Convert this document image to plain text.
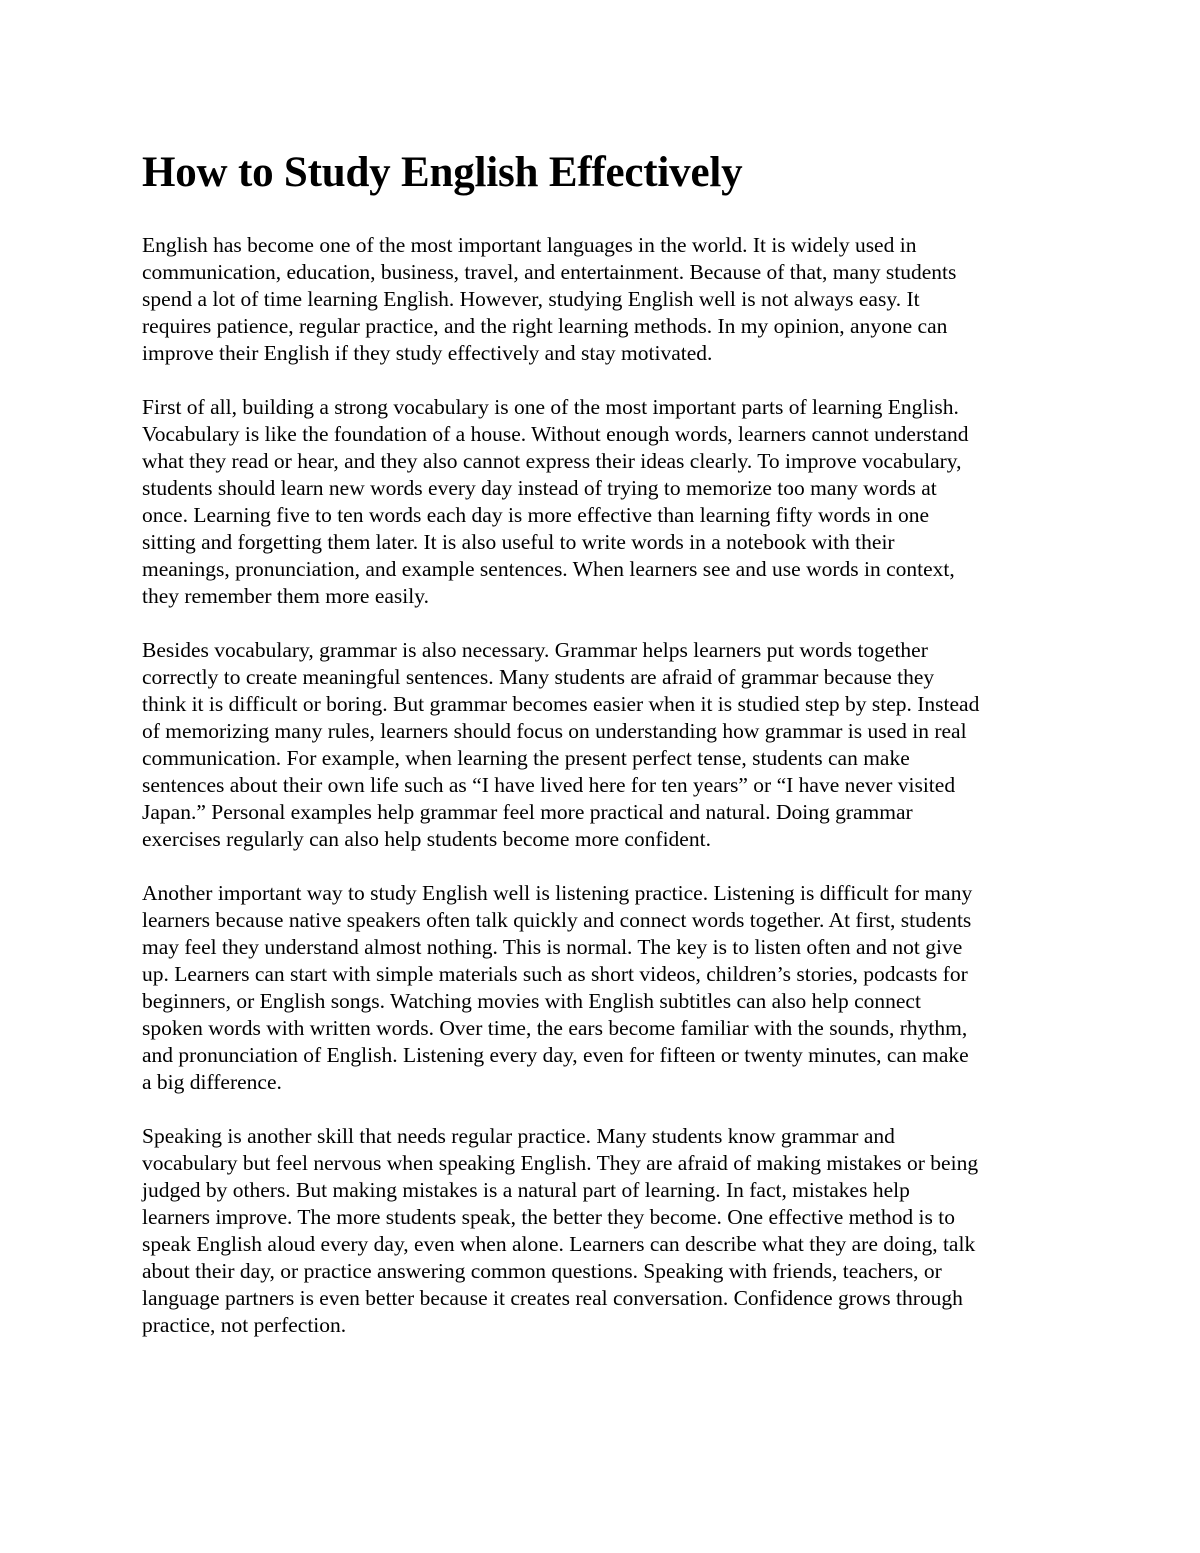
How to Study English Effectively

English has become one of the most important languages in the world. It is widely used in
communication, education, business, travel, and entertainment. Because of that, many students
spend a lot of time learning English. However, studying English well is not always easy. It
requires patience, regular practice, and the right learning methods. In my opinion, anyone can
improve their English if they study effectively and stay motivated.

First of all, building a strong vocabulary is one of the most important parts of learning English.
Vocabulary is like the foundation of a house. Without enough words, learners cannot understand
what they read or hear, and they also cannot express their ideas clearly. To improve vocabulary,
students should learn new words every day instead of trying to memorize too many words at
once. Learning five to ten words each day is more effective than learning fifty words in one
sitting and forgetting them later. It is also useful to write words in a notebook with their
meanings, pronunciation, and example sentences. When learners see and use words in context,
they remember them more easily.

Besides vocabulary, grammar is also necessary. Grammar helps learners put words together
correctly to create meaningful sentences. Many students are afraid of grammar because they
think it is difficult or boring. But grammar becomes easier when it is studied step by step. Instead
of memorizing many rules, learners should focus on understanding how grammar is used in real
communication. For example, when learning the present perfect tense, students can make
sentences about their own life such as “I have lived here for ten years” or “I have never visited
Japan.” Personal examples help grammar feel more practical and natural. Doing grammar
exercises regularly can also help students become more confident.

Another important way to study English well is listening practice. Listening is difficult for many
learners because native speakers often talk quickly and connect words together. At first, students
may feel they understand almost nothing. This is normal. The key is to listen often and not give
up. Learners can start with simple materials such as short videos, children’s stories, podcasts for
beginners, or English songs. Watching movies with English subtitles can also help connect
spoken words with written words. Over time, the ears become familiar with the sounds, rhythm,
and pronunciation of English. Listening every day, even for fifteen or twenty minutes, can make
a big difference.

Speaking is another skill that needs regular practice. Many students know grammar and
vocabulary but feel nervous when speaking English. They are afraid of making mistakes or being
judged by others. But making mistakes is a natural part of learning. In fact, mistakes help
learners improve. The more students speak, the better they become. One effective method is to
speak English aloud every day, even when alone. Learners can describe what they are doing, talk
about their day, or practice answering common questions. Speaking with friends, teachers, or
language partners is even better because it creates real conversation. Confidence grows through
practice, not perfection.
